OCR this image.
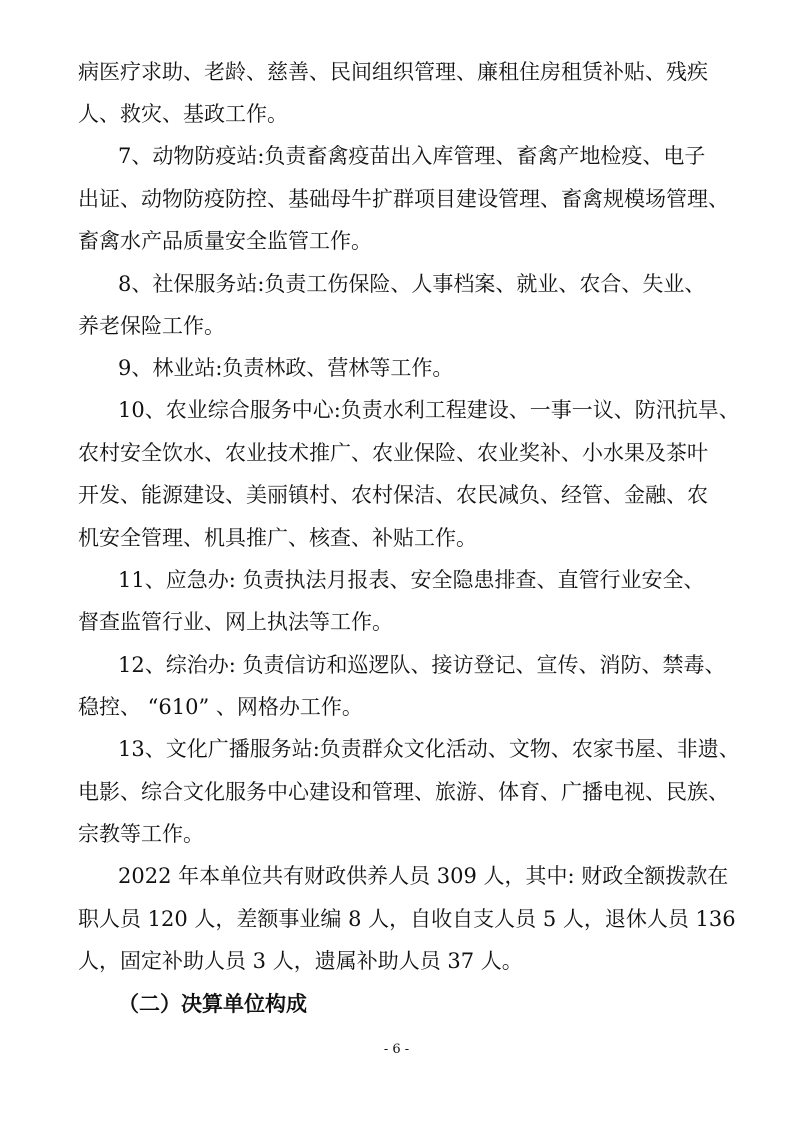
病医疗求助、老龄、慈善、民间组织管理、廉租住房租赁补贴、残疾
人、救灾、基政工作。
7、动物防疫站:负责畜禽疫苗出入库管理、畜禽产地检疫、电子
出证、动物防疫防控、基础母牛扩群项目建设管理、畜禽规模场管理、
畜禽水产品质量安全监管工作。
8、社保服务站:负责工伤保险、人事档案、就业、农合、失业、
养老保险工作。
9、林业站:负责林政、营林等工作。
10、农业综合服务中心:负责水利工程建设、一事一议、防汛抗旱、
农村安全饮水、农业技术推广、农业保险、农业奖补、小水果及茶叶
开发、能源建设、美丽镇村、农村保洁、农民减负、经管、金融、农
机安全管理、机具推广、核查、补贴工作。
11、应急办: 负责执法月报表、安全隐患排查、直管行业安全、
督查监管行业、网上执法等工作。
12、综治办: 负责信访和巡逻队、接访登记、宣传、消防、禁毒、
稳控、 “610” 、网格办工作。
13、文化广播服务站:负责群众文化活动、文物、农家书屋、非遗、
电影、综合文化服务中心建设和管理、旅游、体育、广播电视、民族、
宗教等工作。
2022 年本单位共有财政供养人员 309 人，其中: 财政全额拨款在
职人员 120 人，差额事业编 8 人，自收自支人员 5 人，退休人员 136
人，固定补助人员 3 人，遗属补助人员 37 人。
（二）决算单位构成
- 6 -
